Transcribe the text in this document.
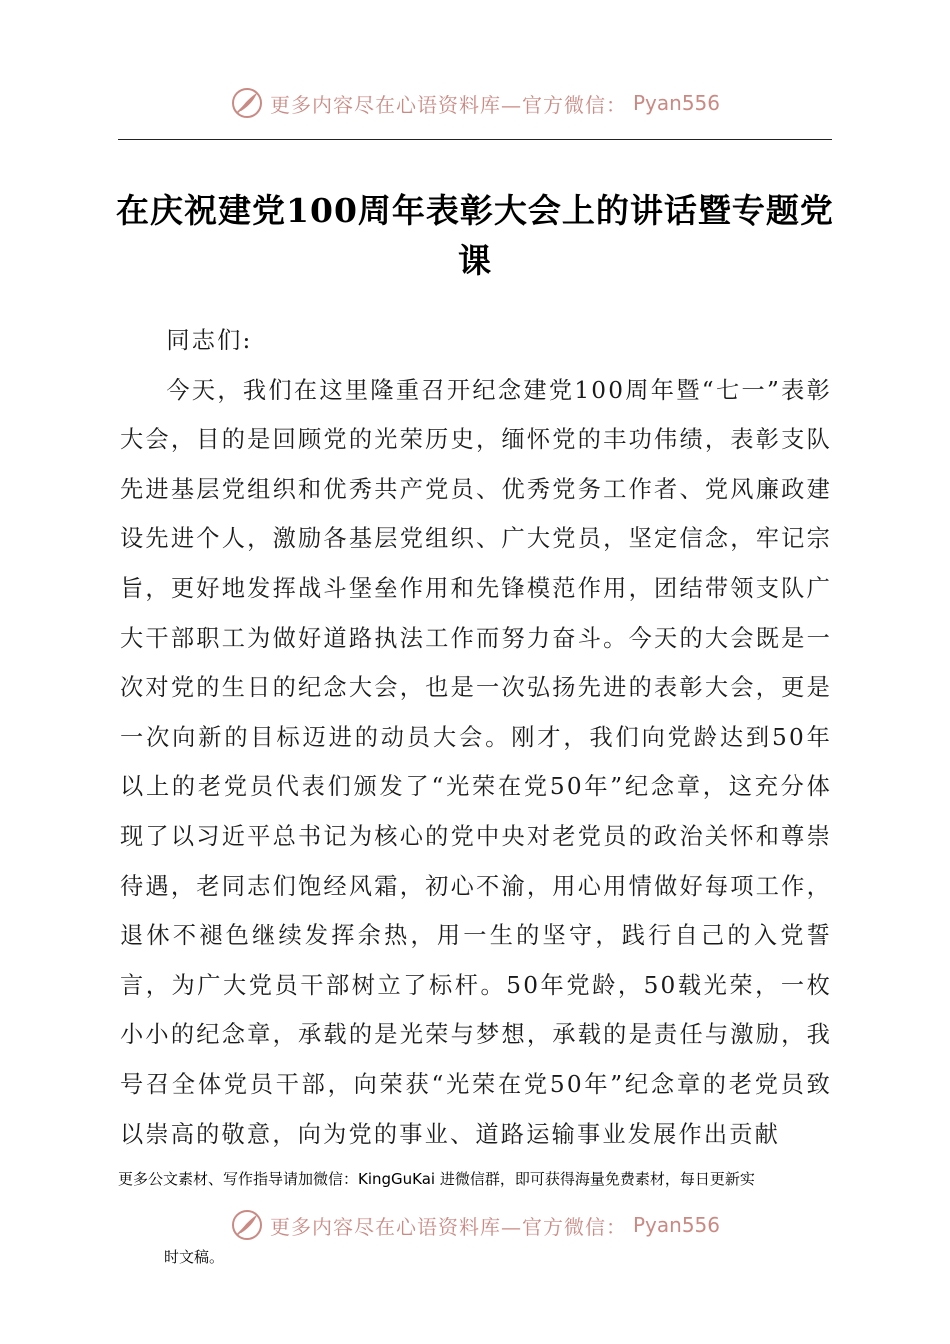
更多内容尽在心语资料库—官方微信： Pyan556
在庆祝建党100周年表彰大会上的讲话暨专题党课

同志们:

今天，我们在这里隆重召开纪念建党100周年暨“七一”表彰大会，目的是回顾党的光荣历史，缅怀党的丰功伟绩，表彰支队先进基层党组织和优秀共产党员、优秀党务工作者、党风廉政建设先进个人，激励各基层党组织、广大党员，坚定信念，牢记宗旨，更好地发挥战斗堡垒作用和先锋模范作用，团结带领支队广大干部职工为做好道路执法工作而努力奋斗。今天的大会既是一次对党的生日的纪念大会，也是一次弘扬先进的表彰大会，更是一次向新的目标迈进的动员大会。刚才，我们向党龄达到50年以上的老党员代表们颁发了“光荣在党50年”纪念章，这充分体现了以习近平总书记为核心的党中央对老党员的政治关怀和尊崇待遇，老同志们饱经风霜，初心不渝，用心用情做好每项工作，退休不褪色继续发挥余热，用一生的坚守，践行自己的入党誓言，为广大党员干部树立了标杆。50年党龄，50载光荣，一枚小小的纪念章，承载的是光荣与梦想，承载的是责任与激励，我号召全体党员干部，向荣获“光荣在党50年”纪念章的老党员致以崇高的敬意，向为党的事业、道路运输事业发展作出贡献

更多公文素材、写作指导请加微信：KingGuKai 进微信群，即可获得海量免费素材，每日更新实
更多内容尽在心语资料库—官方微信： Pyan556
时文稿。
